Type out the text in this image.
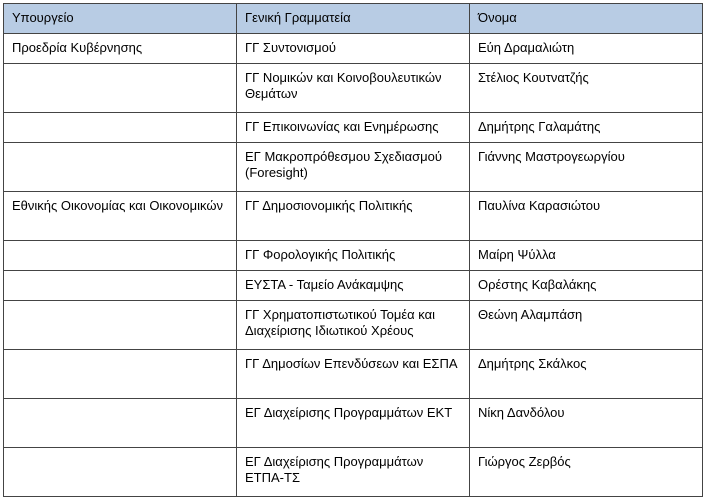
Υπουργείο	Γενική Γραμματεία	Όνομα
Προεδρία Κυβέρνησης	ΓΓ Συντονισμού	Εύη Δραμαλιώτη
	ΓΓ Νομικών και Κοινοβουλευτικών Θεμάτων	Στέλιος Κουτνατζής
	ΓΓ Επικοινωνίας και Ενημέρωσης	Δημήτρης Γαλαμάτης
	ΕΓ Μακροπρόθεσμου Σχεδιασμού (Foresight)	Γιάννης Μαστρογεωργίου
Εθνικής Οικονομίας και Οικονομικών	ΓΓ Δημοσιονομικής Πολιτικής	Παυλίνα Καρασιώτου
	ΓΓ Φορολογικής Πολιτικής	Μαίρη Ψύλλα
	ΕΥΣΤΑ - Ταμείο Ανάκαμψης	Ορέστης Καβαλάκης
	ΓΓ Χρηματοπιστωτικού Τομέα και Διαχείρισης Ιδιωτικού Χρέους	Θεώνη Αλαμπάση
	ΓΓ Δημοσίων Επενδύσεων και ΕΣΠΑ	Δημήτρης Σκάλκος
	ΕΓ Διαχείρισης Προγραμμάτων ΕΚΤ	Νίκη Δανδόλου
	ΕΓ Διαχείρισης Προγραμμάτων ΕΤΠΑ-ΤΣ	Γιώργος Ζερβός
